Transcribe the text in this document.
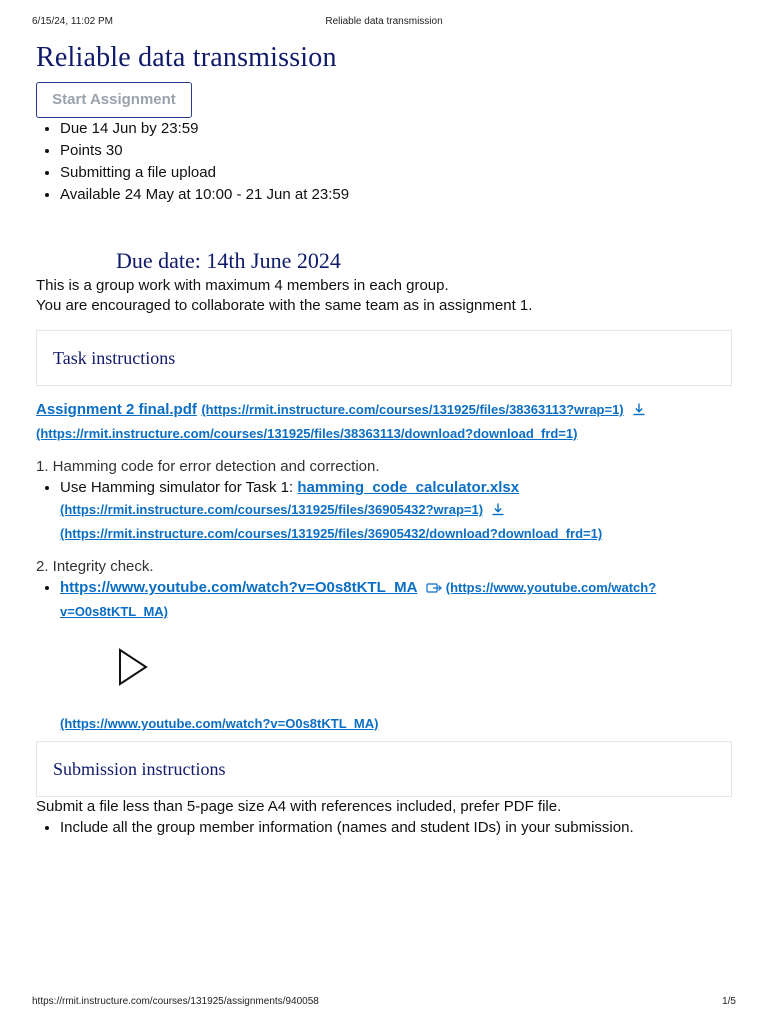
6/15/24, 11:02 PM	Reliable data transmission
Reliable data transmission
Start Assignment
• Due 14 Jun by 23:59
• Points 30
• Submitting a file upload
• Available 24 May at 10:00 - 21 Jun at 23:59
Due date: 14th June 2024

This is a group work with maximum 4 members in each group.

You are encouraged to collaborate with the same team as in assignment 1.

Task instructions
Assignment 2 final.pdf (https://rmit.instructure.com/courses/131925/files/38363113?wrap=1)
(https://rmit.instructure.com/courses/131925/files/38363113/download?download_frd=1)
1. Hamming code for error detection and correction.
• Use Hamming simulator for Task 1: hamming_code_calculator.xlsx
(https://rmit.instructure.com/courses/131925/files/36905432?wrap=1)
(https://rmit.instructure.com/courses/131925/files/36905432/download?download_frd=1)
2. Integrity check.
• https://www.youtube.com/watch?v=O0s8tKTL_MA (https://www.youtube.com/watch?
v=O0s8tKTL_MA)
(https://www.youtube.com/watch?v=O0s8tKTL_MA)
Submission instructions

Submit a file less than 5-page size A4 with references included, prefer PDF file.

• Include all the group member information (names and student IDs) in your submission.
https://rmit.instructure.com/courses/131925/assignments/940058	1/5
